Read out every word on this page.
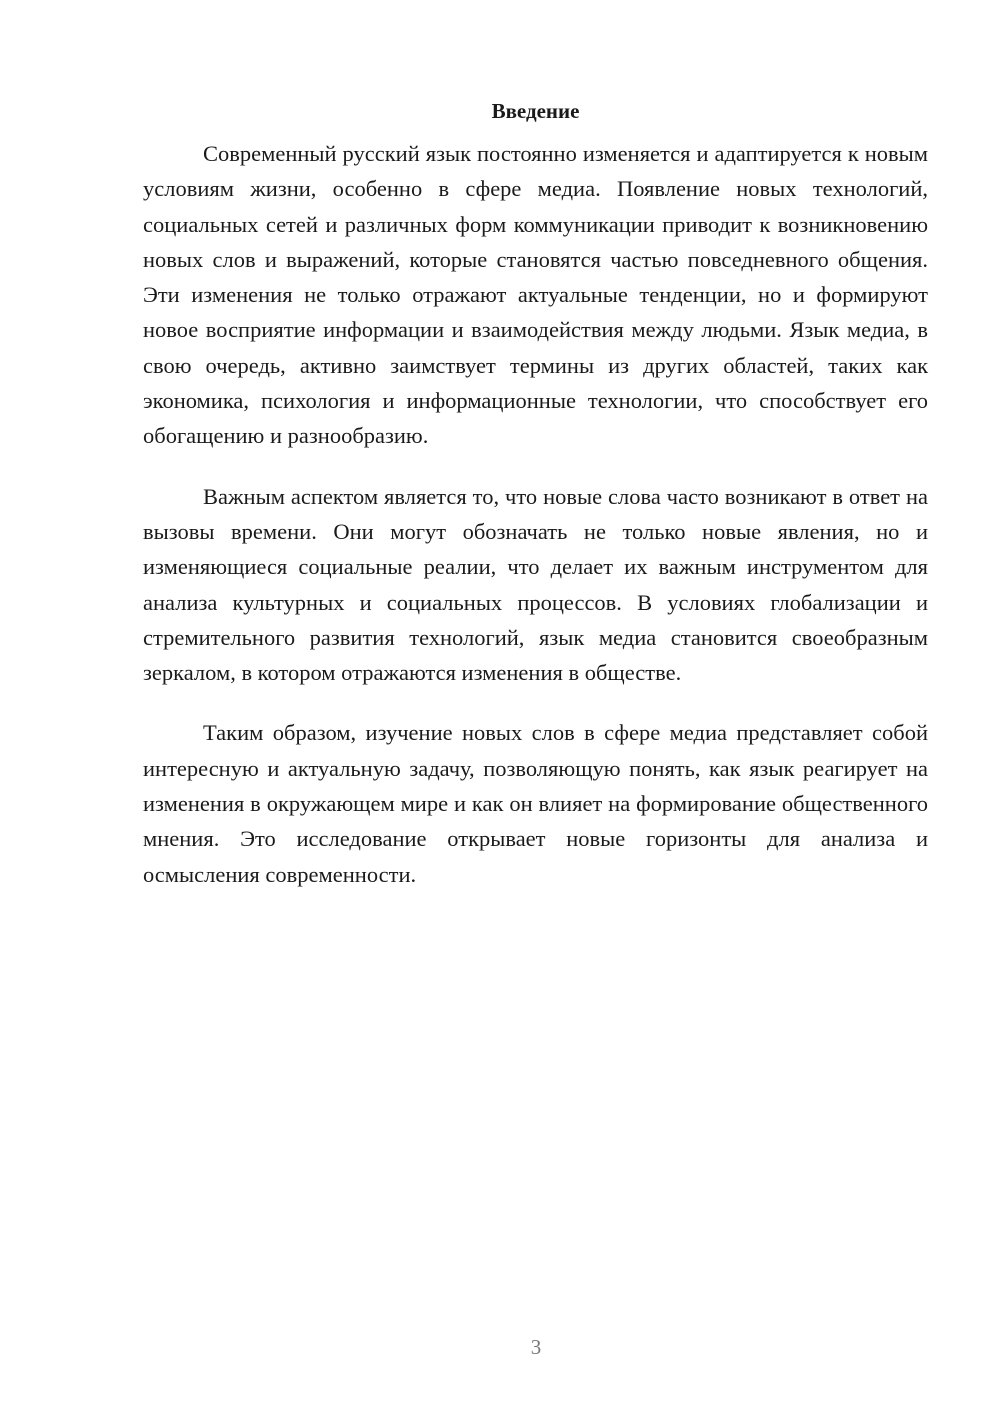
Введение

Современный русский язык постоянно изменяется и адаптируется к новым условиям жизни, особенно в сфере медиа. Появление новых технологий, социальных сетей и различных форм коммуникации приводит к возникновению новых слов и выражений, которые становятся частью повседневного общения. Эти изменения не только отражают актуальные тенденции, но и формируют новое восприятие информации и взаимодействия между людьми. Язык медиа, в свою очередь, активно заимствует термины из других областей, таких как экономика, психология и информационные технологии, что способствует его обогащению и разнообразию.

Важным аспектом является то, что новые слова часто возникают в ответ на вызовы времени. Они могут обозначать не только новые явления, но и изменяющиеся социальные реалии, что делает их важным инструментом для анализа культурных и социальных процессов. В условиях глобализации и стремительного развития технологий, язык медиа становится своеобразным зеркалом, в котором отражаются изменения в обществе.

Таким образом, изучение новых слов в сфере медиа представляет собой интересную и актуальную задачу, позволяющую понять, как язык реагирует на изменения в окружающем мире и как он влияет на формирование общественного мнения. Это исследование открывает новые горизонты для анализа и осмысления современности.

3
